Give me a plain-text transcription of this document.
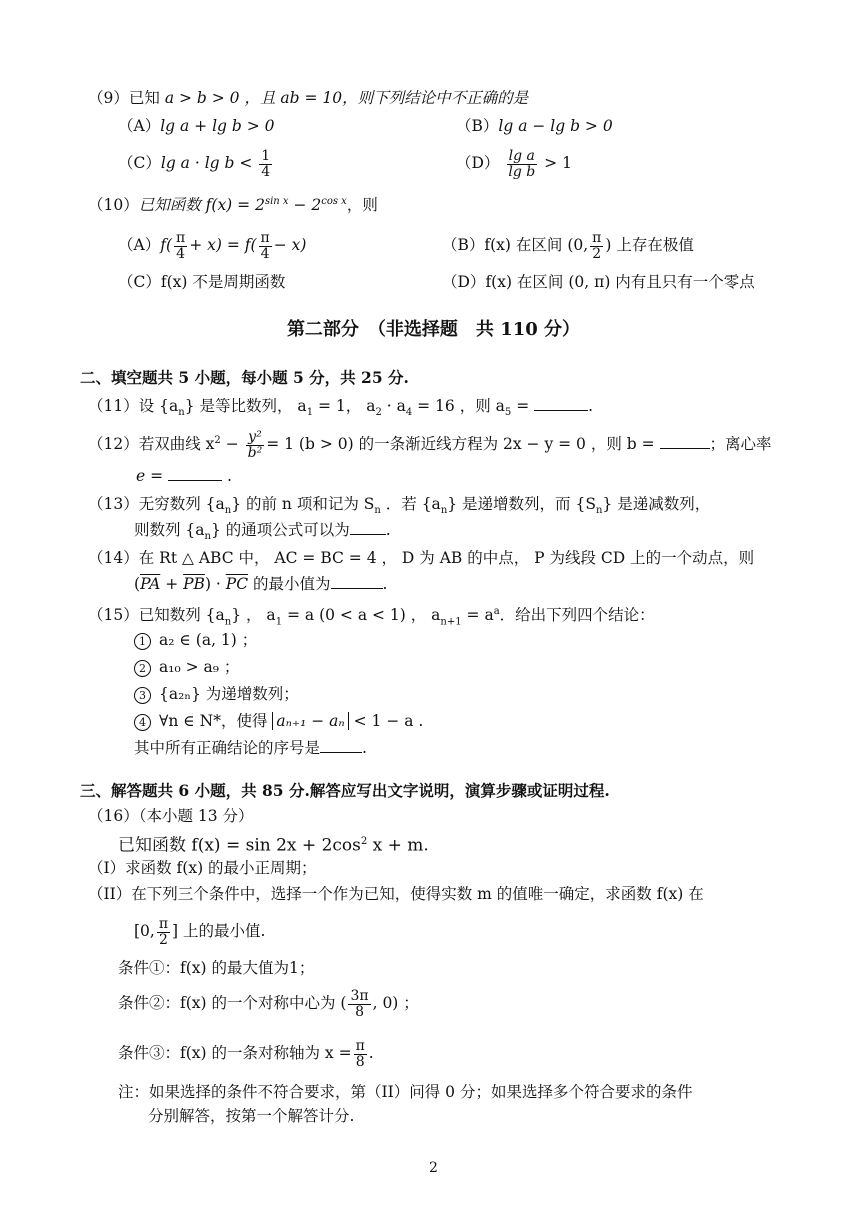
（9）已知 a > b > 0 ，且 ab = 10，则下列结论中不正确的是
（A）lg a + lg b > 0	（B）lg a − lg b > 0
（C）lg $a \cdot \lg b < \frac{1}{4}$	$(D) \frac{\text{lg a}}{\text{lg b}} > 1$
（10）已知函数 $f(x) = 2^{sin x} - 2^{cos x}$，则
$(A)f( \frac{\pi}{4} + x) = f( \frac{\pi}{4} - x)$	（B）f(x) 在区间 (0, $\frac{\pi}{2}$ ) 上存在极值
（C）f(x) 不是周期函数	（D）f(x) 在区间 (0, π) 内有且只有一个零点
第二部分　（非选择题　共 110 分）
二、填空题共 5 小题，每小题 5 分，共 25 分.
（11）设 $\{a_n\}$ 是等比数列， $a_1 = 1$， $a_2 \cdot a_4 = 16$ ，则 $a_5$ =	.
（12）若双曲线 $x^2 - \frac{\text{y²}}{\text{b²}} = 1$ (b > 0) 的一条渐近线方程为 2x − y = 0 ，则 b =	；离心率
e =	.
（13）无穷数列 $\{a_n\}$ 的前 n 项和记为 $S_n$ ．若 $\{a_n\}$ 是递增数列，而 $\{S_n\}$ 是递减数列，
则数列 $\{a_n\}$ 的通项公式可以为 .
（14）在 Rt △ ABC 中， AC = BC = 4 ， D 为 AB 的中点， P 为线段 CD 上的一个动点，则
$(\overline{PA} + \overline{PB}) \cdot \overline{PC}$ 的最小值为	.
（15）已知数列 $\{a_n\}$ ， $a_1 = a$ (0 < a < 1) ， $a_{n+1} = a^a$．给出下列四个结论：
1 a₂ ∈ (a, 1) ；
2 a₁₀ > a₉ ；
3 {a₂ₙ} 为递增数列；
4 ∀n ∈ N*，使得 aₙ₊₁ − aₙ < 1 − a .
其中所有正确结论的序号是	.
三、解答题共 6 小题，共 85 分.解答应写出文字说明，演算步骤或证明过程.
（16）（本小题 13 分）
已知函数 $f(x) = \sin 2x + 2\cos^2$ x + m.
（I）求函数 f(x) 的最小正周期；
（II）在下列三个条件中，选择一个作为已知，使得实数 m 的值唯一确定，求函数 f(x) 在
[0, $\frac{\pi}{2}$ ] 上的最小值.
条件①：f(x) 的最大值为1；
条件②：f(x) 的一个对称中心为 ( $\frac{3\pi}{8}$ , 0) ；
条件③：f(x) 的一条对称轴为 $x = \frac{\pi}{8}$ .
注：如果选择的条件不符合要求，第（II）问得 0 分；如果选择多个符合要求的条件
分别解答，按第一个解答计分.
2
